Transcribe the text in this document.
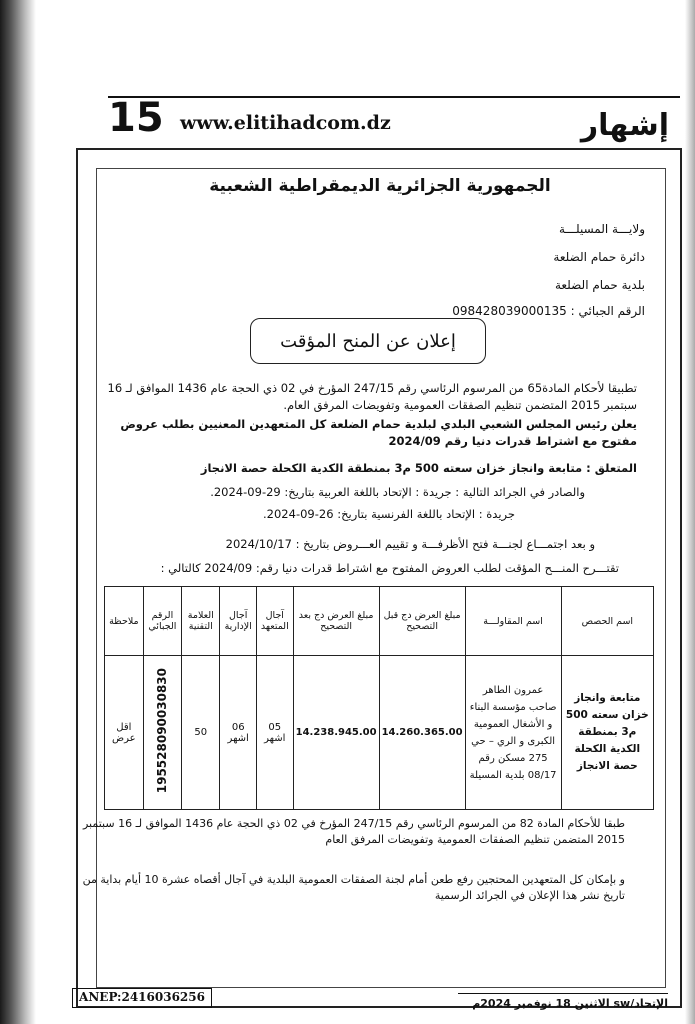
15 www.elitihadcom.dz	إشهار
الجمهورية الجزائرية الديمقراطية الشعبية
ولايـــة المسيلـــة
دائرة حمام الضلعة
بلدية حمام الضلعة
الرقم الجبائي : 098428039000135
إعلان عن المنح المؤقت
تطبيقا لأحكام المادة65 من المرسوم الرئاسي رقم 247/15 المؤرخ في 02 ذي الحجة عام 1436 الموافق لـ 16 سبتمبر 2015 المتضمن تنظيم الصفقات العمومية وتفويضات المرفق العام.
يعلن رئيس المجلس الشعبي البلدي لبلدية حمام الضلعة كل المتعهدين المعنيين بطلب عروض مفتوح مع اشتراط قدرات دنيا رقم 2024/09
المتعلق : متابعة وانجاز خزان سعته 500 م3 بمنطقة الكدية الكحلة حصة الانجاز
والصادر في الجرائد التالية : جريدة : الإتحاد باللغة العربية بتاريخ: 29-09-2024.
جريدة : الإتحاد باللغة الفرنسية بتاريخ: 26-09-2024.
و بعد اجتمـــاع لجنـــة فتح الأظرفـــة و تقييم العـــروض بتاريخ : 2024/10/17
تقتـــرح المنـــح المؤقت لطلب العروض المفتوح مع اشتراط قدرات دنيا رقم: 2024/09 كالتالي :
اسم الحصص	اسم المقاولـــة	مبلغ العرض دج قبل التصحيح	مبلغ العرض دج بعد التصحيح	آجال المتعهد	آجال الإدارية	العلامة التقنية	الرقم الجبائي	ملاحظة
متابعة وانجاز خزان سعته 500 م3 بمنطقة الكدية الكحلة حصة الانجاز	عمرون الطاهر صاحب مؤسسة البناء و الأشغال العمومية الكبرى و الري – حي 275 مسكن رقم 08/17 بلدية المسيلة	14.260.365.00	14.238.945.00	05 اشهر	06 اشهر	50	195528090030830	اقل عرض
طبقا للأحكام المادة 82 من المرسوم الرئاسي رقم 247/15 المؤرخ في 02 ذي الحجة عام 1436 الموافق لـ 16 سبتمبر 2015 المتضمن تنظيم الصفقات العمومية وتفويضات المرفق العام
و بإمكان كل المتعهدين المحتجين رفع طعن أمام لجنة الصفقات العمومية البلدية في آجال أقصاه عشرة 10 أيام بداية من تاريخ نشر هذا الإعلان في الجرائد الرسمية
ANEP:2416036256	الإتحاد/sw الاثنين 18 نوفمبر 2024م
